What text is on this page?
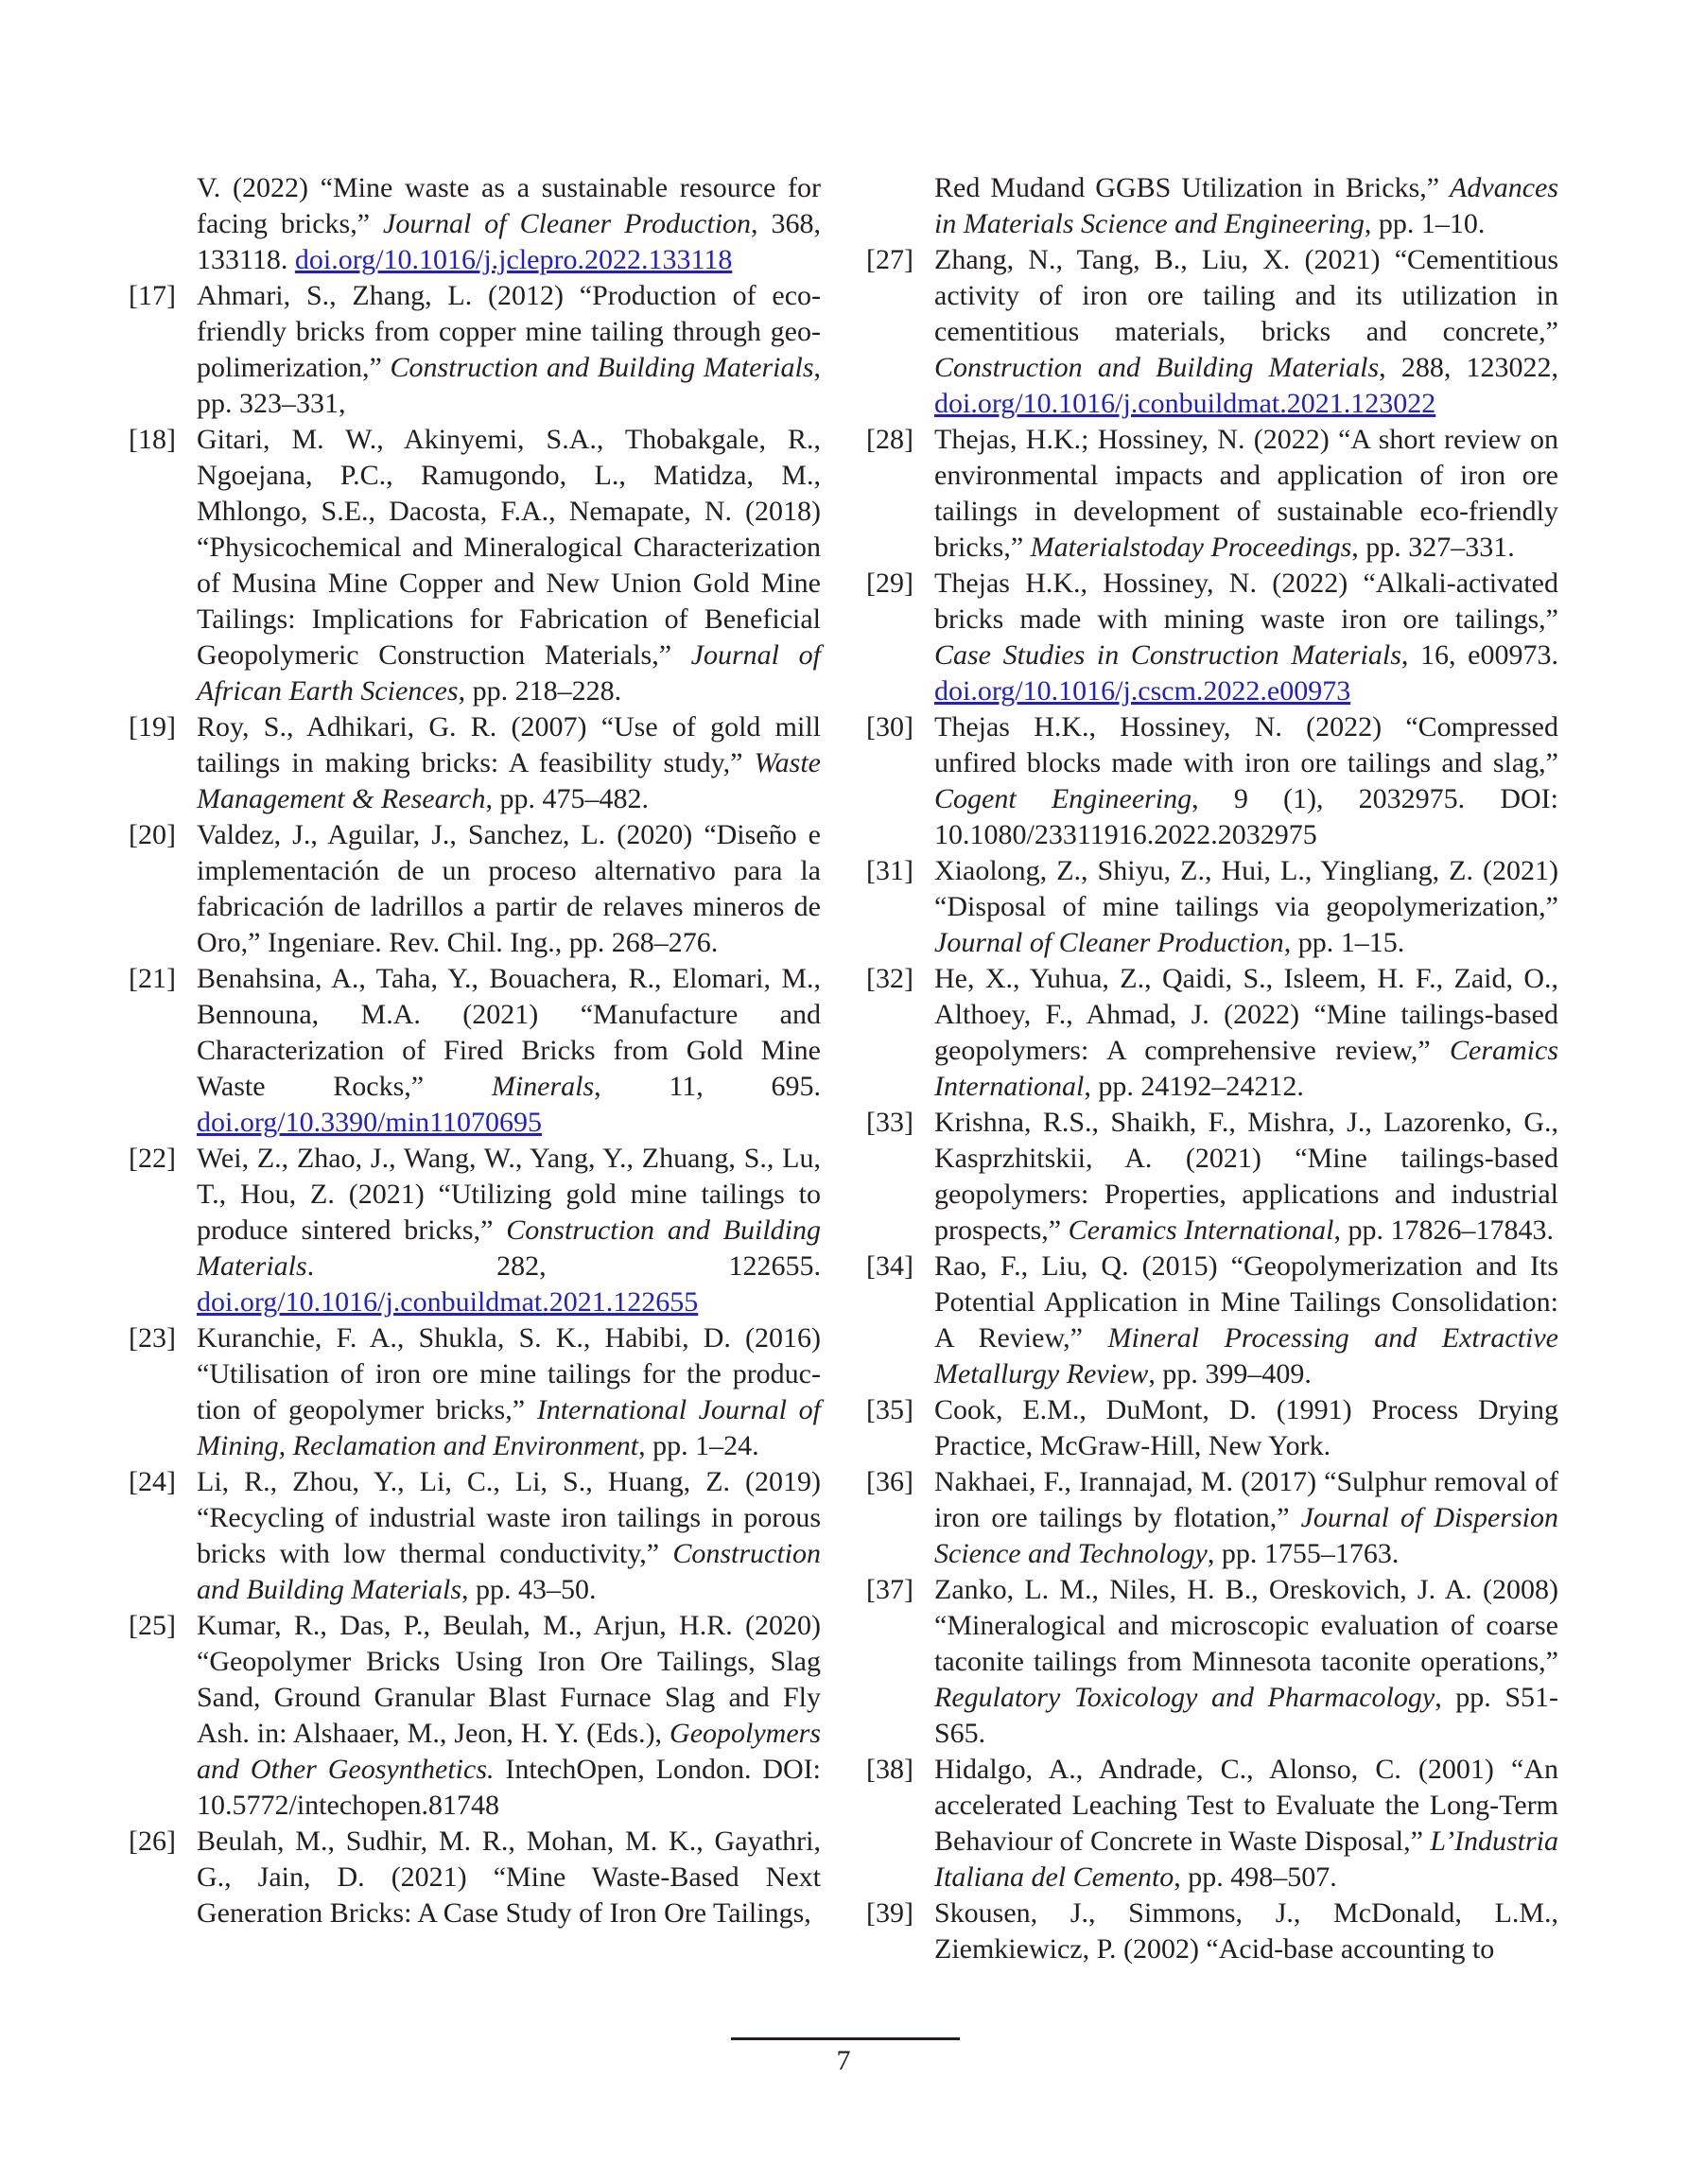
V. (2022) “Mine waste as a sustainable resource for facing bricks,” Journal of Cleaner Production, 368, 133118. doi.org/10.1016/j.jclepro.2022.133118
[17] Ahmari, S., Zhang, L. (2012) “Production of eco-friendly bricks from copper mine tailing through geopolimerization,” Construction and Building Materials, pp. 323–331,
[18] Gitari, M. W., Akinyemi, S.A., Thobakgale, R., Ngoejana, P.C., Ramugondo, L., Matidza, M., Mhlongo, S.E., Dacosta, F.A., Nemapate, N. (2018) “Physicochemical and Mineralogical Characterization of Musina Mine Copper and New Union Gold Mine Tailings: Implications for Fabrication of Beneficial Geopolymeric Construction Materials,” Journal of African Earth Sciences, pp. 218–228.
[19] Roy, S., Adhikari, G. R. (2007) “Use of gold mill tailings in making bricks: A feasibility study,” Waste Management & Research, pp. 475–482.
[20] Valdez, J., Aguilar, J., Sanchez, L. (2020) “Diseño e implementación de un proceso alternativo para la fabricación de ladrillos a partir de relaves mineros de Oro,” Ingeniare. Rev. Chil. Ing., pp. 268–276.
[21] Benahsina, A., Taha, Y., Bouachera, R., Elomari, M., Bennouna, M.A. (2021) “Manufacture and Characterization of Fired Bricks from Gold Mine Waste Rocks,” Minerals, 11, 695. doi.org/10.3390/min11070695
[22] Wei, Z., Zhao, J., Wang, W., Yang, Y., Zhuang, S., Lu, T., Hou, Z. (2021) “Utilizing gold mine tailings to produce sintered bricks,” Construction and Building Materials. 282, 122655. doi.org/10.1016/j.conbuildmat.2021.122655
[23] Kuranchie, F. A., Shukla, S. K., Habibi, D. (2016) “Utilisation of iron ore mine tailings for the production of geopolymer bricks,” International Journal of Mining, Reclamation and Environment, pp. 1–24.
[24] Li, R., Zhou, Y., Li, C., Li, S., Huang, Z. (2019) “Recycling of industrial waste iron tailings in porous bricks with low thermal conductivity,” Construction and Building Materials, pp. 43–50.
[25] Kumar, R., Das, P., Beulah, M., Arjun, H.R. (2020) “Geopolymer Bricks Using Iron Ore Tailings, Slag Sand, Ground Granular Blast Furnace Slag and Fly Ash. in: Alshaaer, M., Jeon, H. Y. (Eds.), Geopolymers and Other Geosynthetics. IntechOpen, London. DOI: 10.5772/intechopen.81748
[26] Beulah, M., Sudhir, M. R., Mohan, M. K., Gayathri, G., Jain, D. (2021) “Mine Waste-Based Next Generation Bricks: A Case Study of Iron Ore Tailings,
Red Mudand GGBS Utilization in Bricks,” Advances in Materials Science and Engineering, pp. 1–10.
[27] Zhang, N., Tang, B., Liu, X. (2021) “Cementitious activity of iron ore tailing and its utilization in cementitious materials, bricks and concrete,” Construction and Building Materials, 288, 123022, doi.org/10.1016/j.conbuildmat.2021.123022
[28] Thejas, H.K.; Hossiney, N. (2022) “A short review on environmental impacts and application of iron ore tailings in development of sustainable eco-friendly bricks,” Materialstoday Proceedings, pp. 327–331.
[29] Thejas H.K., Hossiney, N. (2022) “Alkali-activated bricks made with mining waste iron ore tailings,” Case Studies in Construction Materials, 16, e00973. doi.org/10.1016/j.cscm.2022.e00973
[30] Thejas H.K., Hossiney, N. (2022) “Compressed unfired blocks made with iron ore tailings and slag,” Cogent Engineering, 9 (1), 2032975. DOI: 10.1080/23311916.2022.2032975
[31] Xiaolong, Z., Shiyu, Z., Hui, L., Yingliang, Z. (2021) “Disposal of mine tailings via geopolymerization,” Journal of Cleaner Production, pp. 1–15.
[32] He, X., Yuhua, Z., Qaidi, S., Isleem, H. F., Zaid, O., Althoey, F., Ahmad, J. (2022) “Mine tailings-based geopolymers: A comprehensive review,” Ceramics International, pp. 24192–24212.
[33] Krishna, R.S., Shaikh, F., Mishra, J., Lazorenko, G., Kasprzhitskii, A. (2021) “Mine tailings-based geopolymers: Properties, applications and industrial prospects,” Ceramics International, pp. 17826–17843.
[34] Rao, F., Liu, Q. (2015) “Geopolymerization and Its Potential Application in Mine Tailings Consolidation: A Review,” Mineral Processing and Extractive Metallurgy Review, pp. 399–409.
[35] Cook, E.M., DuMont, D. (1991) Process Drying Practice, McGraw-Hill, New York.
[36] Nakhaei, F., Irannajad, M. (2017) “Sulphur removal of iron ore tailings by flotation,” Journal of Dispersion Science and Technology, pp. 1755–1763.
[37] Zanko, L. M., Niles, H. B., Oreskovich, J. A. (2008) “Mineralogical and microscopic evaluation of coarse taconite tailings from Minnesota taconite operations,” Regulatory Toxicology and Pharmacology, pp. S51-S65.
[38] Hidalgo, A., Andrade, C., Alonso, C. (2001) “An accelerated Leaching Test to Evaluate the Long-Term Behaviour of Concrete in Waste Disposal,” L’Industria Italiana del Cemento, pp. 498–507.
[39] Skousen, J., Simmons, J., McDonald, L.M., Ziemkiewicz, P. (2002) “Acid-base accounting to
7
